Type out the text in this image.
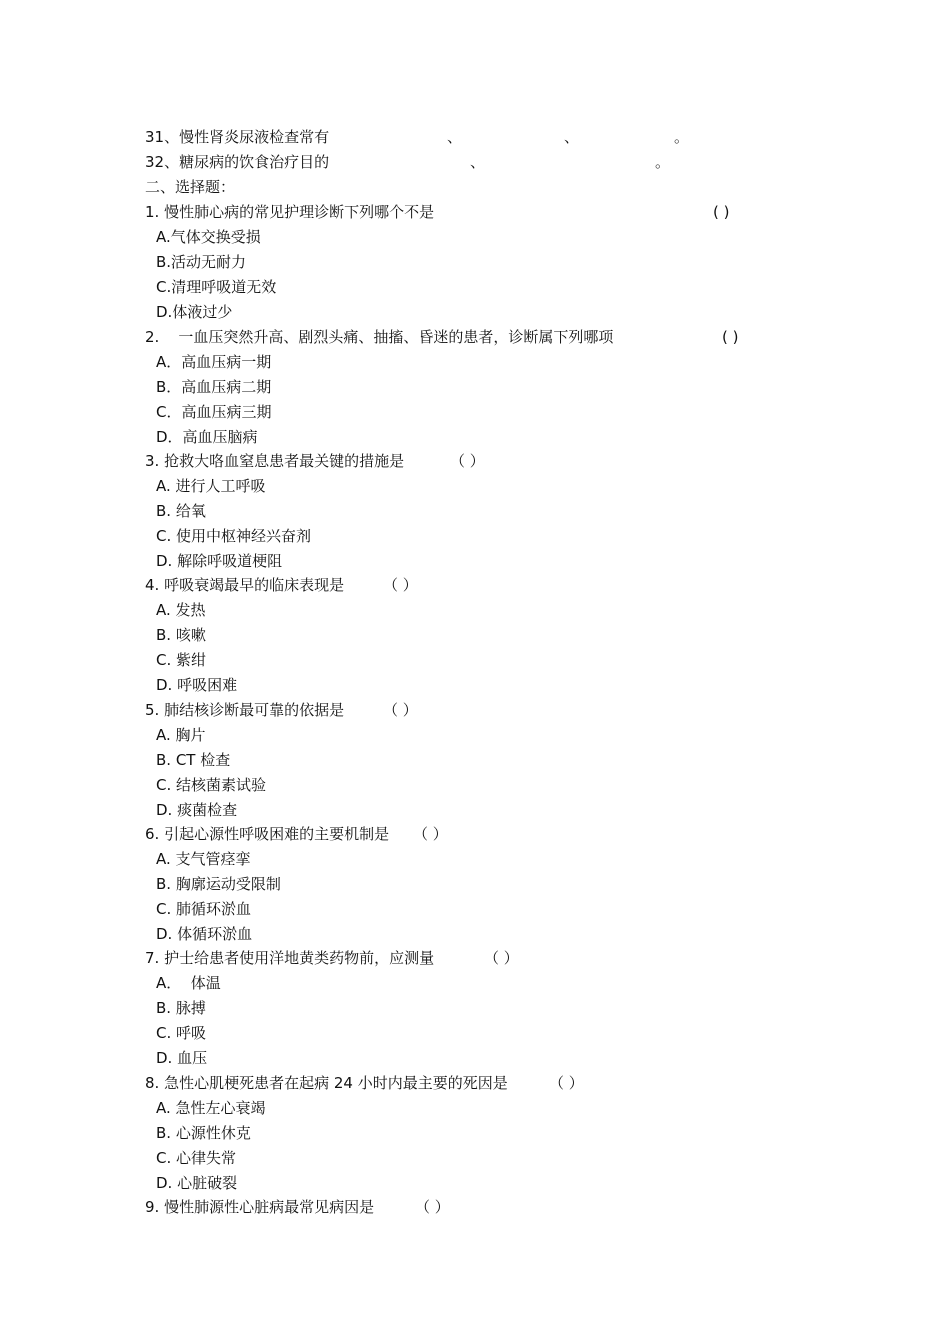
31、慢性肾炎尿液检查常有	、	、	。
32、糖尿病的饮食治疗目的	、	。
二、选择题：
1. 慢性肺心病的常见护理诊断下列哪个不是	( )
A.气体交换受损
B.活动无耐力
C.清理呼吸道无效
D.体液过少
2.    一血压突然升高、剧烈头痛、抽搐、昏迷的患者，诊断属下列哪项	( )
A．高血压病一期
B．高血压病二期
C．高血压病三期
D．高血压脑病
3. 抢救大咯血窒息患者最关键的措施是	（ ）
A. 进行人工呼吸
B. 给氧
C. 使用中枢神经兴奋剂
D. 解除呼吸道梗阻
4. 呼吸衰竭最早的临床表现是	（ ）
A. 发热
B. 咳嗽
C. 紫绀
D. 呼吸困难
5. 肺结核诊断最可靠的依据是	（ ）
A. 胸片
B. CT 检查
C. 结核菌素试验
D. 痰菌检查
6. 引起心源性呼吸困难的主要机制是 （ ）
A. 支气管痉挛
B. 胸廓运动受限制
C. 肺循环淤血
D. 体循环淤血
7. 护士给患者使用洋地黄类药物前，应测量	（ ）
A．  体温
B. 脉搏
C. 呼吸
D. 血压
8. 急性心肌梗死患者在起病 24 小时内最主要的死因是	（ ）
A. 急性左心衰竭
B. 心源性休克
C. 心律失常
D. 心脏破裂
9. 慢性肺源性心脏病最常见病因是	（ ）
